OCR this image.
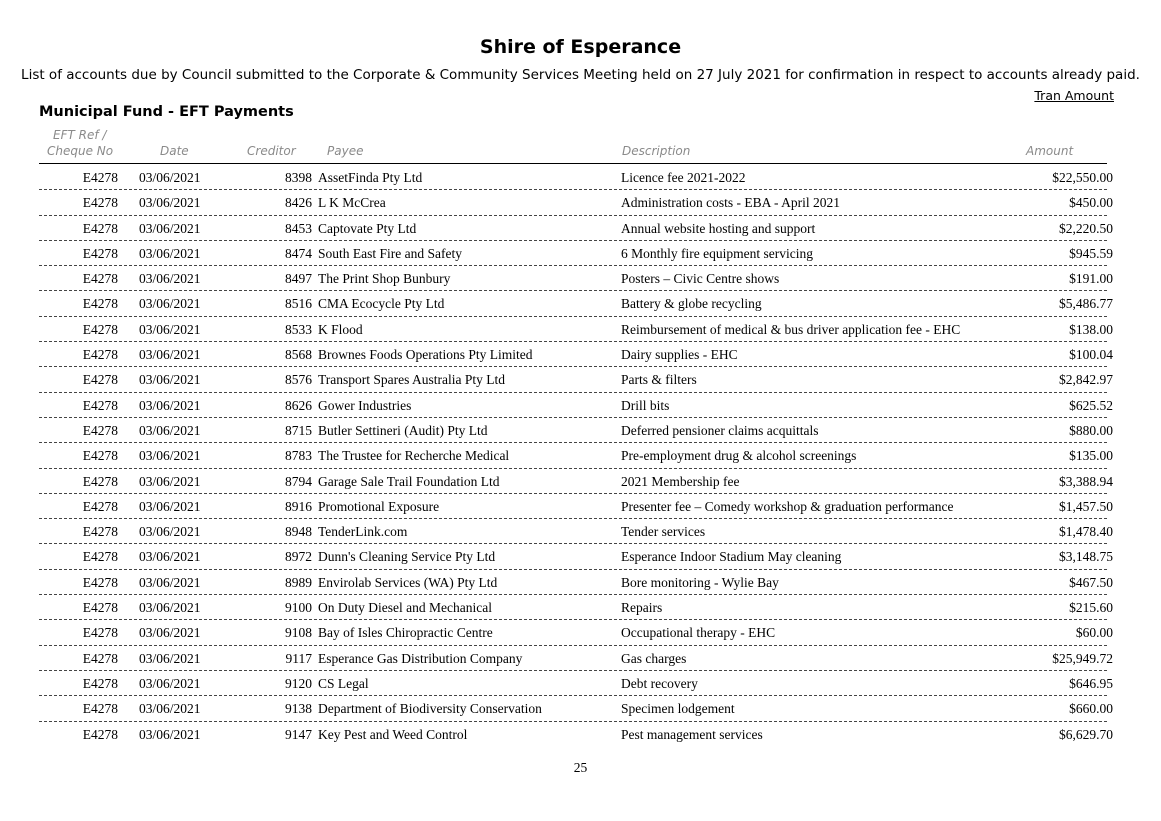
Shire of Esperance
List of accounts due by Council submitted to the Corporate & Community Services Meeting held on 27 July 2021 for confirmation in respect to accounts already paid.
Tran Amount
Municipal Fund - EFT Payments
EFT Ref /
Cheque No	Date	Creditor	Payee	Description	Amount
E4278 03/06/2021	8398 AssetFinda Pty Ltd	Licence fee 2021-2022	$22,550.00
E4278 03/06/2021	8426 L K McCrea	Administration costs - EBA - April 2021	$450.00
E4278 03/06/2021	8453 Captovate Pty Ltd	Annual website hosting and support	$2,220.50
E4278 03/06/2021	8474 South East Fire and Safety	6 Monthly fire equipment servicing	$945.59
E4278 03/06/2021	8497 The Print Shop Bunbury	Posters – Civic Centre shows	$191.00
E4278 03/06/2021	8516 CMA Ecocycle Pty Ltd	Battery & globe recycling	$5,486.77
E4278 03/06/2021	8533 K Flood	Reimbursement of medical & bus driver application fee - EHC	$138.00
E4278 03/06/2021	8568 Brownes Foods Operations Pty Limited	Dairy supplies - EHC	$100.04
E4278 03/06/2021	8576 Transport Spares Australia Pty Ltd	Parts & filters	$2,842.97
E4278 03/06/2021	8626 Gower Industries	Drill bits	$625.52
E4278 03/06/2021	8715 Butler Settineri (Audit) Pty Ltd	Deferred pensioner claims acquittals	$880.00
E4278 03/06/2021	8783 The Trustee for Recherche Medical	Pre-employment drug & alcohol screenings	$135.00
E4278 03/06/2021	8794 Garage Sale Trail Foundation Ltd	2021 Membership fee	$3,388.94
E4278 03/06/2021	8916 Promotional Exposure	Presenter fee – Comedy workshop & graduation performance	$1,457.50
E4278 03/06/2021	8948 TenderLink.com	Tender services	$1,478.40
E4278 03/06/2021	8972 Dunn's Cleaning Service Pty Ltd	Esperance Indoor Stadium May cleaning	$3,148.75
E4278 03/06/2021	8989 Envirolab Services (WA) Pty Ltd	Bore monitoring - Wylie Bay	$467.50
E4278 03/06/2021	9100 On Duty Diesel and Mechanical	Repairs	$215.60
E4278 03/06/2021	9108 Bay of Isles Chiropractic Centre	Occupational therapy - EHC	$60.00
E4278 03/06/2021	9117 Esperance Gas Distribution Company	Gas charges	$25,949.72
E4278 03/06/2021	9120 CS Legal	Debt recovery	$646.95
E4278 03/06/2021	9138 Department of Biodiversity Conservation	Specimen lodgement	$660.00
E4278 03/06/2021	9147 Key Pest and Weed Control	Pest management services	$6,629.70
25
